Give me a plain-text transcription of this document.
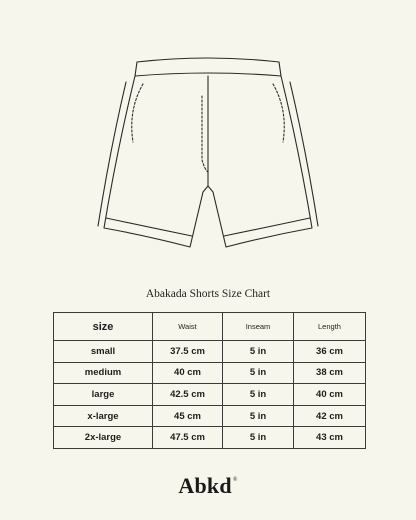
Abakada Shorts Size Chart
size	Waist	Inseam	Length
small	37.5 cm	5 in	36 cm
medium	40 cm	5 in	38 cm
large	42.5 cm	5 in	40 cm
x-large	45 cm	5 in	42 cm
2x-large	47.5 cm	5 in	43 cm
Abkd®
